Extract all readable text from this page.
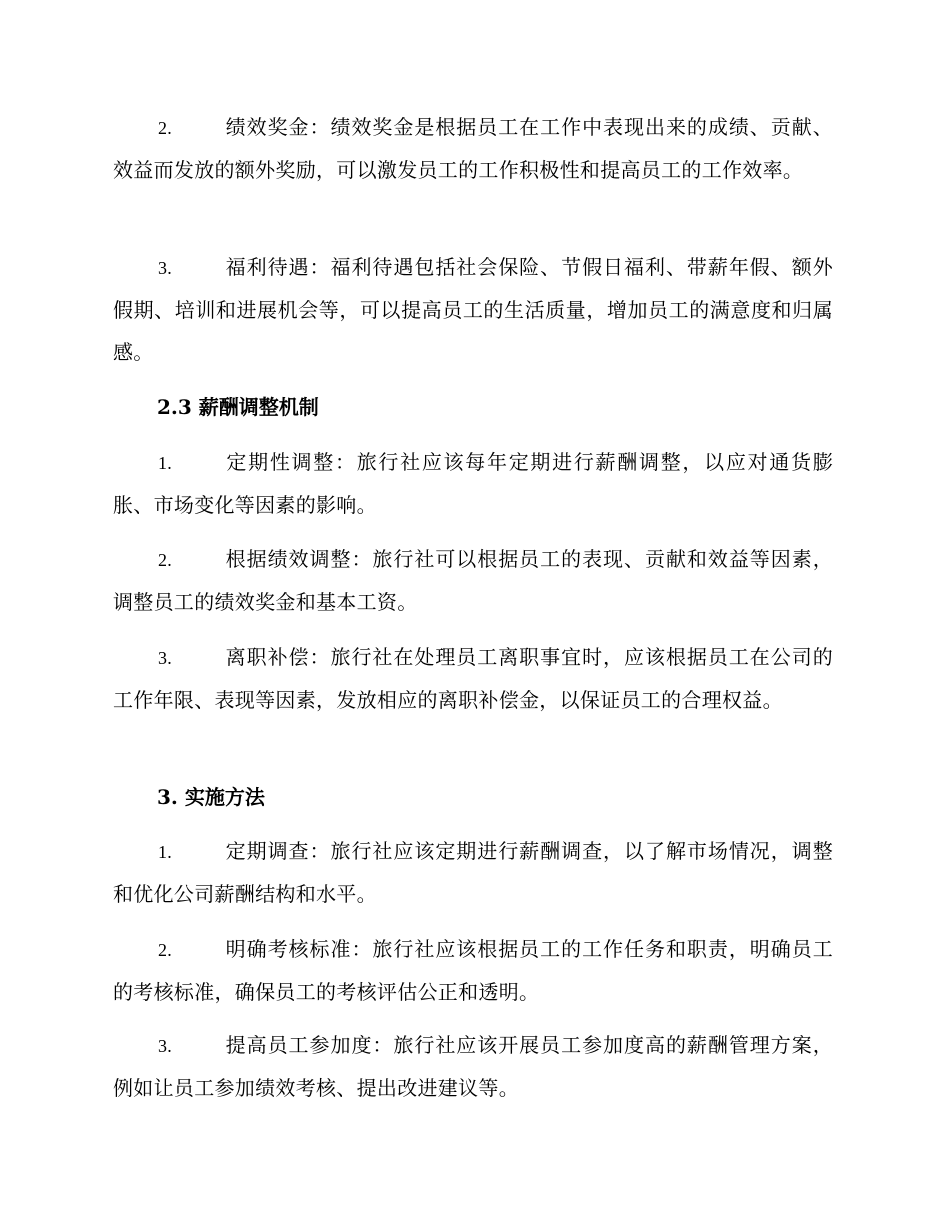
2.	绩效奖金：绩效奖金是根据员工在工作中表现出来的成绩、贡献、效益而发放的额外奖励，可以激发员工的工作积极性和提高员工的工作效率。
3.	福利待遇：福利待遇包括社会保险、节假日福利、带薪年假、额外假期、培训和进展机会等，可以提高员工的生活质量，增加员工的满意度和归属感。
2.3 薪酬调整机制
1.	定期性调整：旅行社应该每年定期进行薪酬调整，以应对通货膨胀、市场变化等因素的影响。
2.	根据绩效调整：旅行社可以根据员工的表现、贡献和效益等因素，调整员工的绩效奖金和基本工资。
3.	离职补偿：旅行社在处理员工离职事宜时，应该根据员工在公司的工作年限、表现等因素，发放相应的离职补偿金，以保证员工的合理权益。
3. 实施方法
1.	定期调查：旅行社应该定期进行薪酬调查，以了解市场情况，调整和优化公司薪酬结构和水平。
2.	明确考核标准：旅行社应该根据员工的工作任务和职责，明确员工的考核标准，确保员工的考核评估公正和透明。
3.	提高员工参加度：旅行社应该开展员工参加度高的薪酬管理方案，例如让员工参加绩效考核、提出改进建议等。
